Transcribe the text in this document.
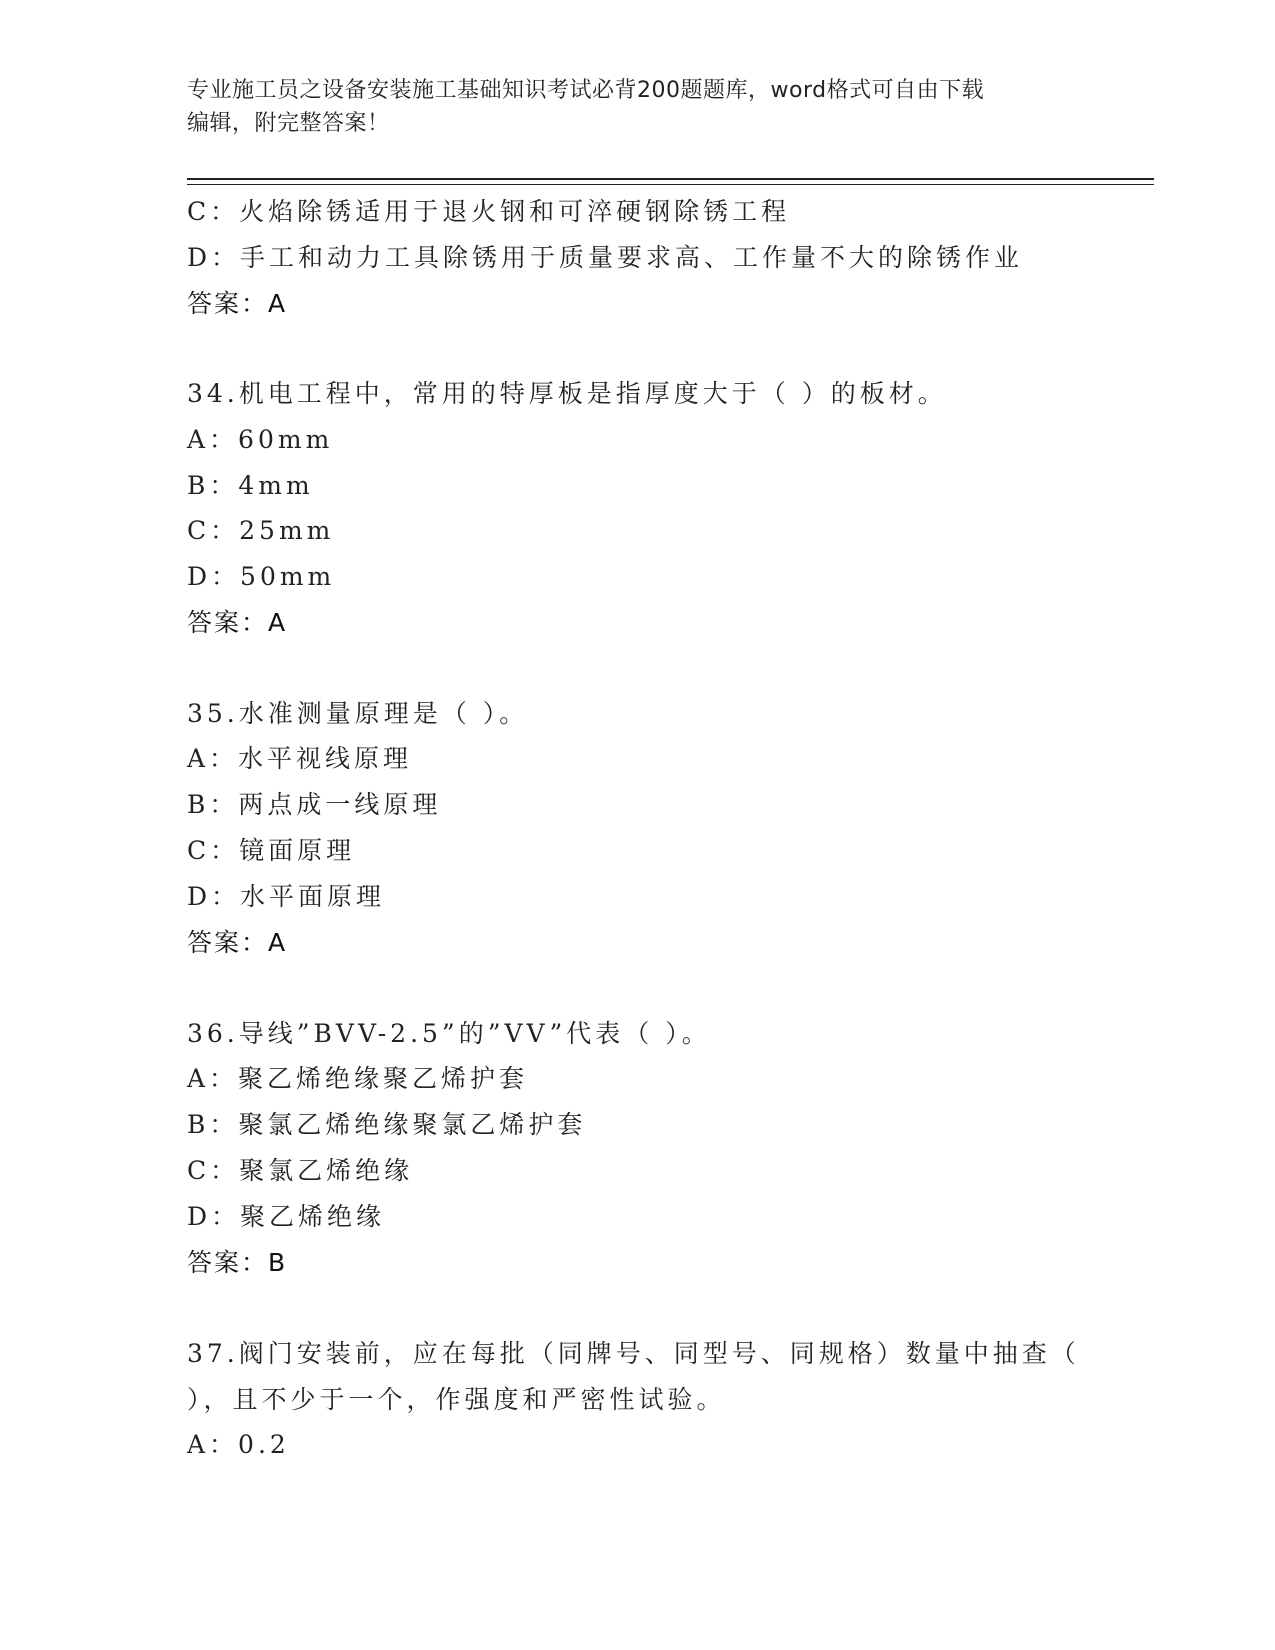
专业施工员之设备安装施工基础知识考试必背200题题库，word格式可自由下载
编辑，附完整答案！
C：火焰除锈适用于退火钢和可淬硬钢除锈工程
D：手工和动力工具除锈用于质量要求高、工作量不大的除锈作业
答案：A
34.机电工程中，常用的特厚板是指厚度大于（ ）的板材。
A：60mm
B：4mm
C：25mm
D：50mm
答案：A
35.水准测量原理是（ ）。
A：水平视线原理
B：两点成一线原理
C：镜面原理
D：水平面原理
答案：A
36.导线”BVV-2.5”的”VV”代表（ ）。
A：聚乙烯绝缘聚乙烯护套
B：聚氯乙烯绝缘聚氯乙烯护套
C：聚氯乙烯绝缘
D：聚乙烯绝缘
答案：B
37.阀门安装前，应在每批（同牌号、同型号、同规格）数量中抽查（
），且不少于一个，作强度和严密性试验。
A：0.2
